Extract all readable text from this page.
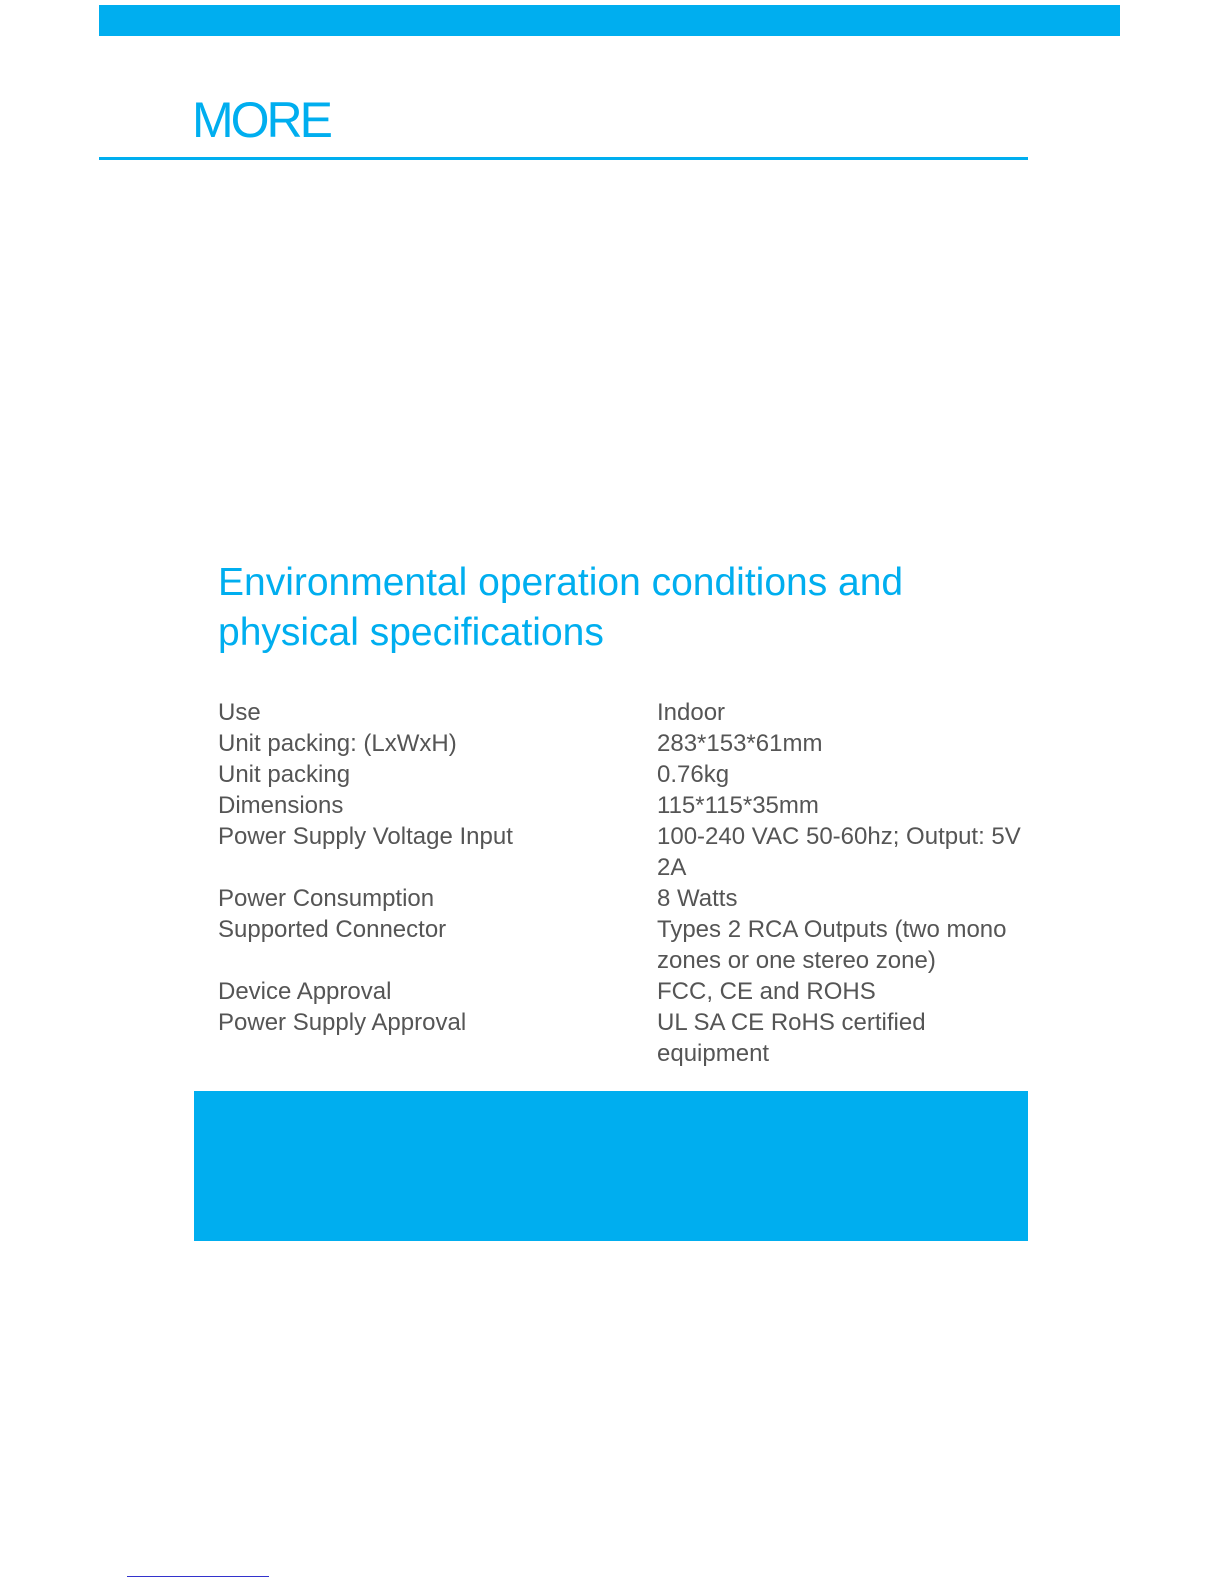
MORE
Environmental operation conditions and physical specifications
Use	Indoor
Unit packing: (LxWxH)	283*153*61mm
Unit packing	0.76kg
Dimensions	115*115*35mm
Power Supply Voltage Input	100-240 VAC 50-60hz; Output: 5V 2A
Power Consumption	8 Watts
Supported Connector	Types 2 RCA Outputs (two mono zones or one stereo zone)
Device Approval	FCC, CE and ROHS
Power Supply Approval	UL SA CE RoHS certified equipment
